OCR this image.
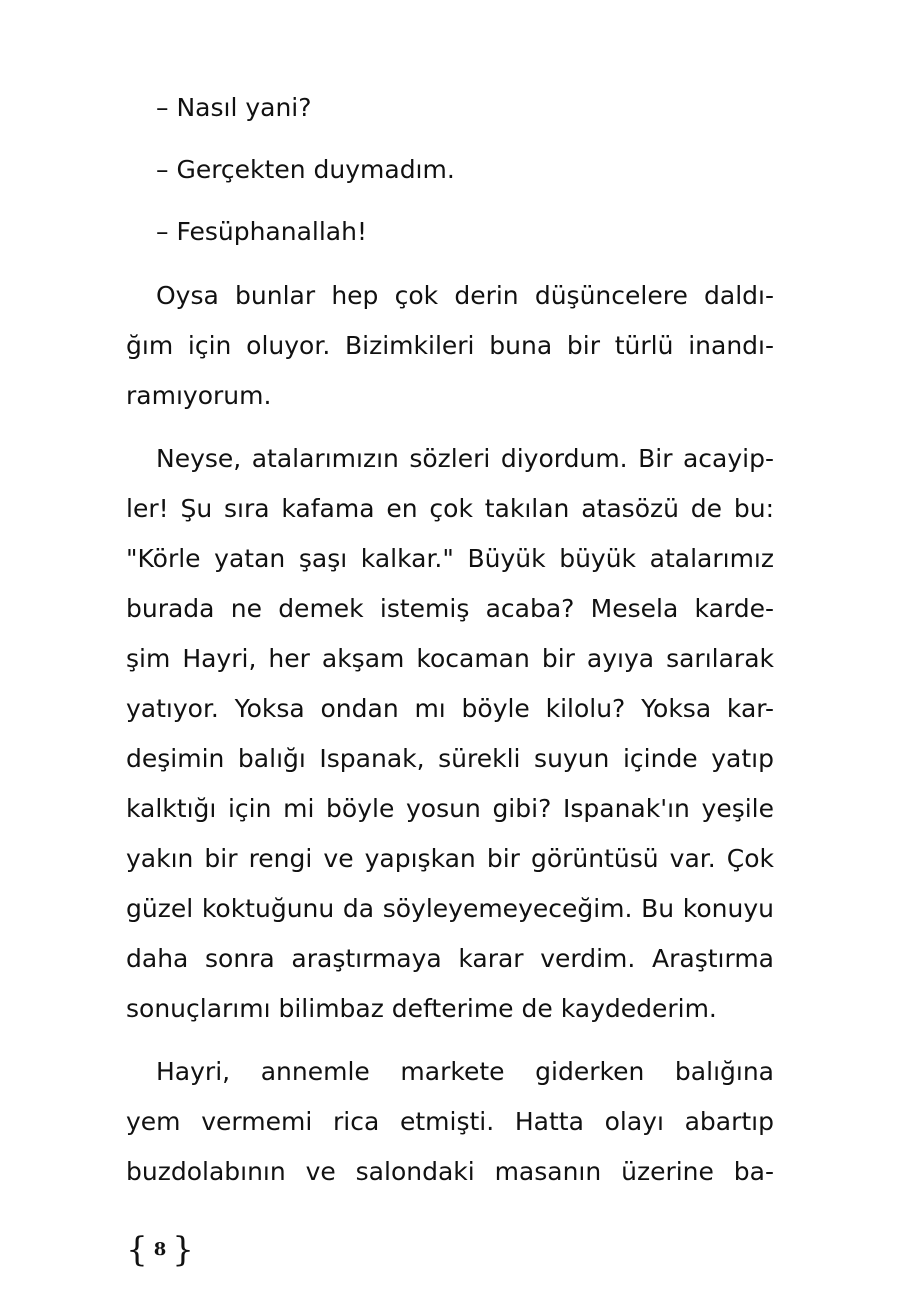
– Nasıl yani?
– Gerçekten duymadım.
– Fesüphanallah!
Oysa bunlar hep çok derin düşüncelere daldı-
ğım için oluyor. Bizimkileri buna bir türlü inandı-
ramıyorum.
Neyse, atalarımızın sözleri diyordum. Bir acayip-
ler! Şu sıra kafama en çok takılan atasözü de bu:
"Körle yatan şaşı kalkar." Büyük büyük atalarımız
burada ne demek istemiş acaba? Mesela karde-
şim Hayri, her akşam kocaman bir ayıya sarılarak
yatıyor. Yoksa ondan mı böyle kilolu? Yoksa kar-
deşimin balığı Ispanak, sürekli suyun içinde yatıp
kalktığı için mi böyle yosun gibi? Ispanak'ın yeşile
yakın bir rengi ve yapışkan bir görüntüsü var. Çok
güzel koktuğunu da söyleyemeyeceğim. Bu konuyu
daha sonra araştırmaya karar verdim. Araştırma
sonuçlarımı bilimbaz defterime de kaydederim.
Hayri, annemle markete giderken balığına
yem vermemi rica etmişti. Hatta olayı abartıp
buzdolabının ve salondaki masanın üzerine ba-
{ 8 }
